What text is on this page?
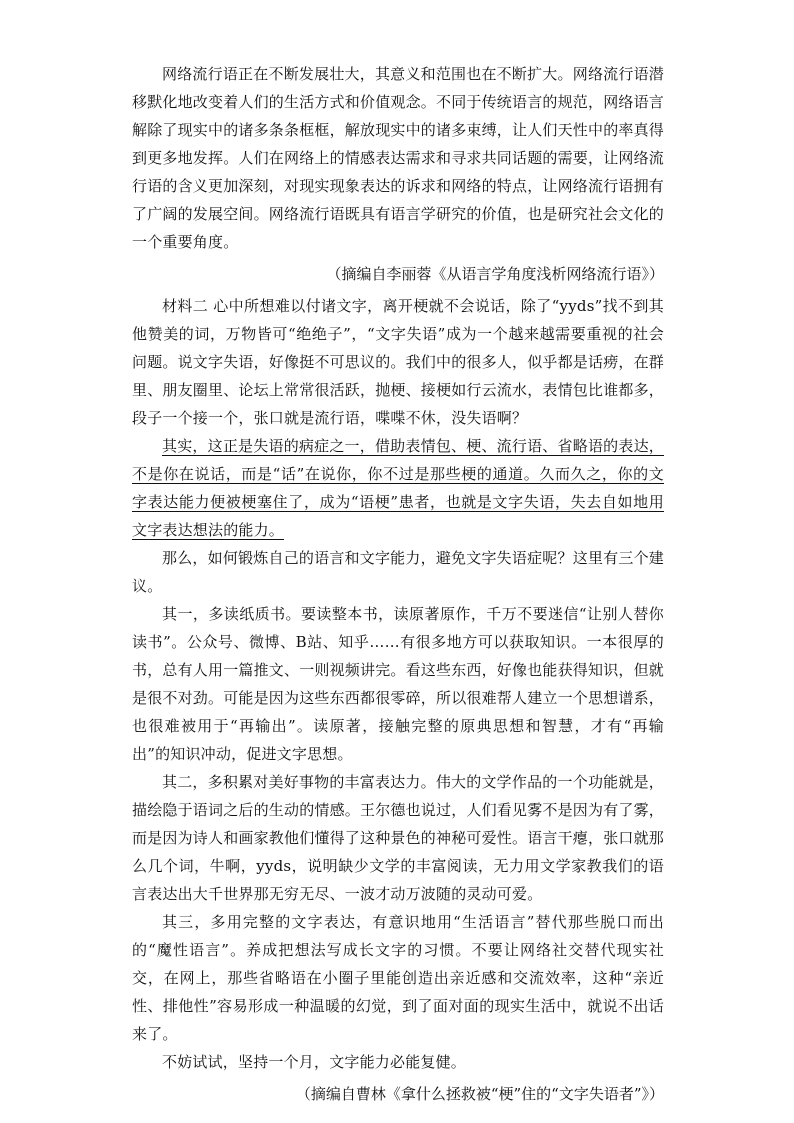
网络流行语正在不断发展壮大，其意义和范围也在不断扩大。网络流行语潜移默化地改变着人们的生活方式和价值观念。不同于传统语言的规范，网络语言解除了现实中的诸多条条框框，解放现实中的诸多束缚，让人们天性中的率真得到更多地发挥。人们在网络上的情感表达需求和寻求共同话题的需要，让网络流行语的含义更加深刻，对现实现象表达的诉求和网络的特点，让网络流行语拥有了广阔的发展空间。网络流行语既具有语言学研究的价值，也是研究社会文化的一个重要角度。

（摘编自李丽蓉《从语言学角度浅析网络流行语》）

材料二 心中所想难以付诸文字，离开梗就不会说话，除了“yyds”找不到其他赞美的词，万物皆可“绝绝子”，“文字失语”成为一个越来越需要重视的社会问题。说文字失语，好像挺不可思议的。我们中的很多人，似乎都是话痨，在群里、朋友圈里、论坛上常常很活跃，抛梗、接梗如行云流水，表情包比谁都多，段子一个接一个，张口就是流行语，喋喋不休，没失语啊？

其实，这正是失语的病症之一，借助表情包、梗、流行语、省略语的表达，不是你在说话，而是“话”在说你，你不过是那些梗的通道。久而久之，你的文字表达能力便被梗塞住了，成为“语梗”患者，也就是文字失语，失去自如地用文字表达想法的能力。

那么，如何锻炼自己的语言和文字能力，避免文字失语症呢？这里有三个建议。

其一，多读纸质书。要读整本书，读原著原作，千万不要迷信“让别人替你读书”。公众号、微博、B站、知乎……有很多地方可以获取知识。一本很厚的书，总有人用一篇推文、一则视频讲完。看这些东西，好像也能获得知识，但就是很不对劲。可能是因为这些东西都很零碎，所以很难帮人建立一个思想谱系，也很难被用于“再输出”。读原著，接触完整的原典思想和智慧，才有“再输出”的知识冲动，促进文字思想。

其二，多积累对美好事物的丰富表达力。伟大的文学作品的一个功能就是，描绘隐于语词之后的生动的情感。王尔德也说过，人们看见雾不是因为有了雾，而是因为诗人和画家教他们懂得了这种景色的神秘可爱性。语言干瘪，张口就那么几个词，牛啊，yyds，说明缺少文学的丰富阅读，无力用文学家教我们的语言表达出大千世界那无穷无尽、一波才动万波随的灵动可爱。

其三，多用完整的文字表达，有意识地用“生活语言”替代那些脱口而出的“魔性语言”。养成把想法写成长文字的习惯。不要让网络社交替代现实社交，在网上，那些省略语在小圈子里能创造出亲近感和交流效率，这种“亲近性、排他性”容易形成一种温暖的幻觉，到了面对面的现实生活中，就说不出话来了。

不妨试试，坚持一个月，文字能力必能复健。

（摘编自曹林《拿什么拯救被“梗”住的“文字失语者”》）
